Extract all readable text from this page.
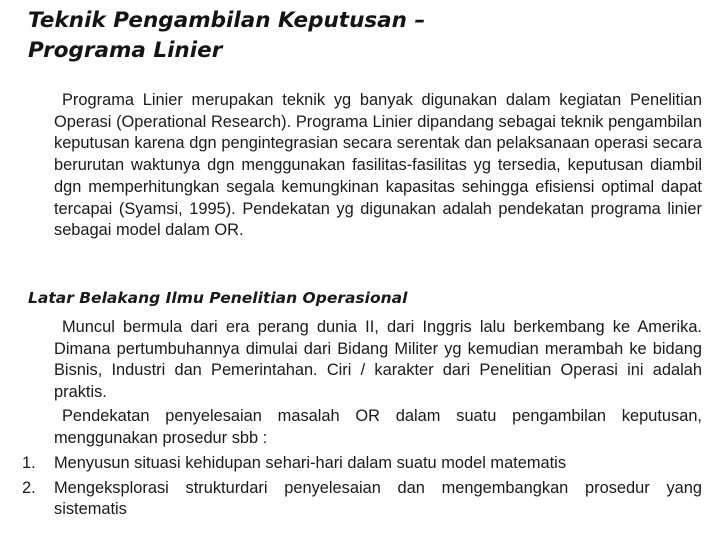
Teknik Pengambilan Keputusan –
Programa Linier
Programa Linier merupakan teknik yg banyak digunakan dalam kegiatan Penelitian Operasi (Operational Research). Programa Linier dipandang sebagai teknik pengambilan keputusan karena dgn pengintegrasian secara serentak dan pelaksanaan operasi secara berurutan waktunya dgn menggunakan fasilitas-fasilitas yg tersedia, keputusan diambil dgn memperhitungkan segala kemungkinan kapasitas sehingga efisiensi optimal dapat tercapai (Syamsi, 1995). Pendekatan yg digunakan adalah pendekatan programa linier sebagai model dalam OR.
Latar Belakang Ilmu Penelitian Operasional
Muncul bermula dari era perang dunia II, dari Inggris lalu berkembang ke Amerika. Dimana pertumbuhannya dimulai dari Bidang Militer yg kemudian merambah ke bidang Bisnis, Industri dan Pemerintahan. Ciri / karakter dari Penelitian Operasi ini adalah praktis.
Pendekatan penyelesaian masalah OR dalam suatu pengambilan keputusan, menggunakan prosedur sbb :
1. Menyusun situasi kehidupan sehari-hari dalam suatu model matematis
2. Mengeksplorasi strukturdari penyelesaian dan mengembangkan prosedur yang sistematis
